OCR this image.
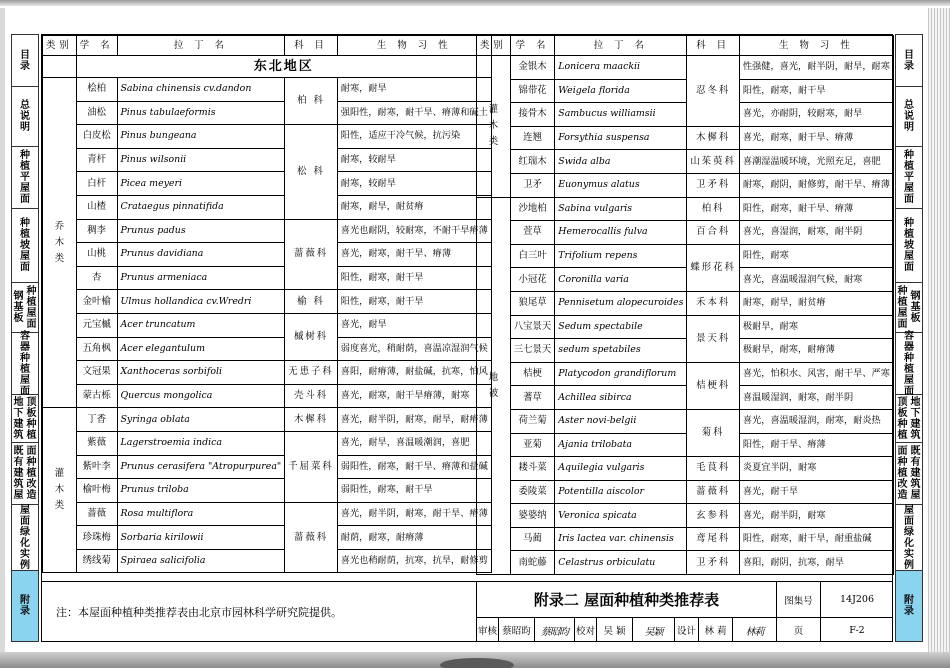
目
录
总
说
明
种
植
平
屋
面
种
植
坡
屋
面
钢
基
板
种
植
屋
面
容
器
种
植
屋
面
地
下
建
筑
顶
板
种
植
既
有
建
筑
屋
面
种
植
改
造
屋
面
绿
化
实
例
附
录
目
录
总
说
明
种
植
平
屋
面
种
植
坡
屋
面
种
植
屋
面
钢
基
板
容
器
种
植
屋
面
顶
板
种
植
地
下
建
筑
面
种
植
改
造
既
有
建
筑
屋
屋
面
绿
化
实
例
附
录
类别	学 名	拉 丁 名	科 目	生 物 习 性
	东北地区			

乔
木
类	桧柏	Sabina chinensis cv.dandon	柏 科	耐寒，耐旱
	油松	Pinus tabulaeformis		强阳性，耐寒，耐干旱、瘠薄和碱土
	白皮松	Pinus bungeana	松 科	阳性，适应干冷气候，抗污染
	青杆	Pinus wilsonii		耐寒，较耐旱
	白杆	Picea meyeri		耐寒，较耐旱
	山楂	Crataegus pinnatifida		耐寒，耐旱，耐贫瘠
	稠李	Prunus padus	蔷薇科	喜光也耐阴，较耐寒，不耐干旱瘠薄
	山桃	Prunus davidiana		喜光，耐寒，耐干旱、瘠薄
	杏	Prunus armeniaca		阳性，耐寒，耐干旱
	金叶榆	Ulmus hollandica cv.Wredri	榆 科	阳性，耐寒，耐干旱
	元宝槭	Acer truncatum	槭树科	喜光，耐旱
	五角枫	Acer elegantulum		弱度喜光，稍耐荫，喜温凉湿润气候
	文冠果	Xanthoceras sorbifoli	无患子科	喜阳，耐瘠薄，耐盐碱，抗寒，怕风
	蒙古栎	Quercus mongolica	壳斗科	喜光，耐寒，耐干旱瘠薄，耐寒

灌
木
类	丁香	Syringa oblata	木樨科	喜光，耐半阴，耐寒，耐旱，耐瘠薄
	紫薇	Lagerstroemia indica	千屈菜科	喜光，耐旱，喜温暖潮润，喜肥
	紫叶李	Prunus cerasifera "Atropurpurea"		弱阳性，耐寒，耐干旱、瘠薄和盐碱
	榆叶梅	Prunus triloba		弱阳性，耐寒，耐干旱
	蔷薇	Rosa multiflora	蔷薇科	喜光，耐半阴，耐寒，耐干旱、瘠薄
	珍珠梅	Sorbaria kirilowii		耐荫，耐寒，耐瘠薄
	绣线菊	Spiraea salicifolia		喜光也稍耐荫，抗寒，抗旱，耐修剪
类别	学 名	拉 丁 名	科 目	生 物 习 性

灌
木
类	金银木	Lonicera maackii	忍冬科	性强健，喜光，耐半阴，耐旱，耐寒
	锦带花	Weigela florida		阳性，耐寒，耐干旱
	接骨木	Sambucus williamsii		喜光，亦耐阴，较耐寒，耐旱
	连翘	Forsythia suspensa	木樨科	喜光，耐寒，耐干旱、瘠薄
	红瑞木	Swida alba	山茱萸科	喜潮湿温暖环境，光照充足，喜肥
	卫矛	Euonymus alatus	卫矛科	耐寒，耐阴，耐修剪，耐干旱、瘠薄

地
被	沙地柏	Sabina vulgaris	柏科	阳性，耐寒，耐干旱、瘠薄
	萱草	Hemerocallis fulva	百合科	喜光，喜湿润，耐寒，耐半阴
	白三叶	Trifolium repens	蝶形花科	阳性，耐寒
	小冠花	Coronilla varia		喜光，喜温暖湿润气候，耐寒
	狼尾草	Pennisetum alopecuroides	禾本科	耐寒，耐旱，耐贫瘠
	八宝景天	Sedum spectabile	景天科	极耐旱，耐寒
	三七景天	sedum spetabiles		极耐旱，耐寒，耐瘠薄
	桔梗	Platycodon grandiflorum	桔梗科	喜光，怕积水、风害，耐干旱、严寒
	蓍草	Achillea sibirca		喜温暖湿润，耐寒，耐半阴
	荷兰菊	Aster novi-belgii	菊科	喜光，喜温暖湿润，耐寒，耐炎热
	亚菊	Ajania trilobata		阳性，耐干旱、瘠薄
	耧斗菜	Aquilegia vulgaris	毛茛科	炎夏宜半阴，耐寒
	委陵菜	Potentilla aiscolor	蔷薇科	喜光，耐干旱
	婆婆纳	Veronica spicata	玄参科	喜光，耐半阴，耐寒
	马蔺	Iris lactea var. chinensis	鸢尾科	阳性，耐寒，耐干旱，耐重盐碱
	南蛇藤	Celastrus orbiculatu	卫矛科	喜阳，耐阴，抗寒，耐旱
注：本屋面种植种类推荐表由北京市园林科学研究院提供。
附录二 屋面种植种类推荐表	图集号	14J206
审核 蔡昭昀	蔡昭昀 校对 吴 颖	吴颖	设计 林 莉	林莉	页	F-2
